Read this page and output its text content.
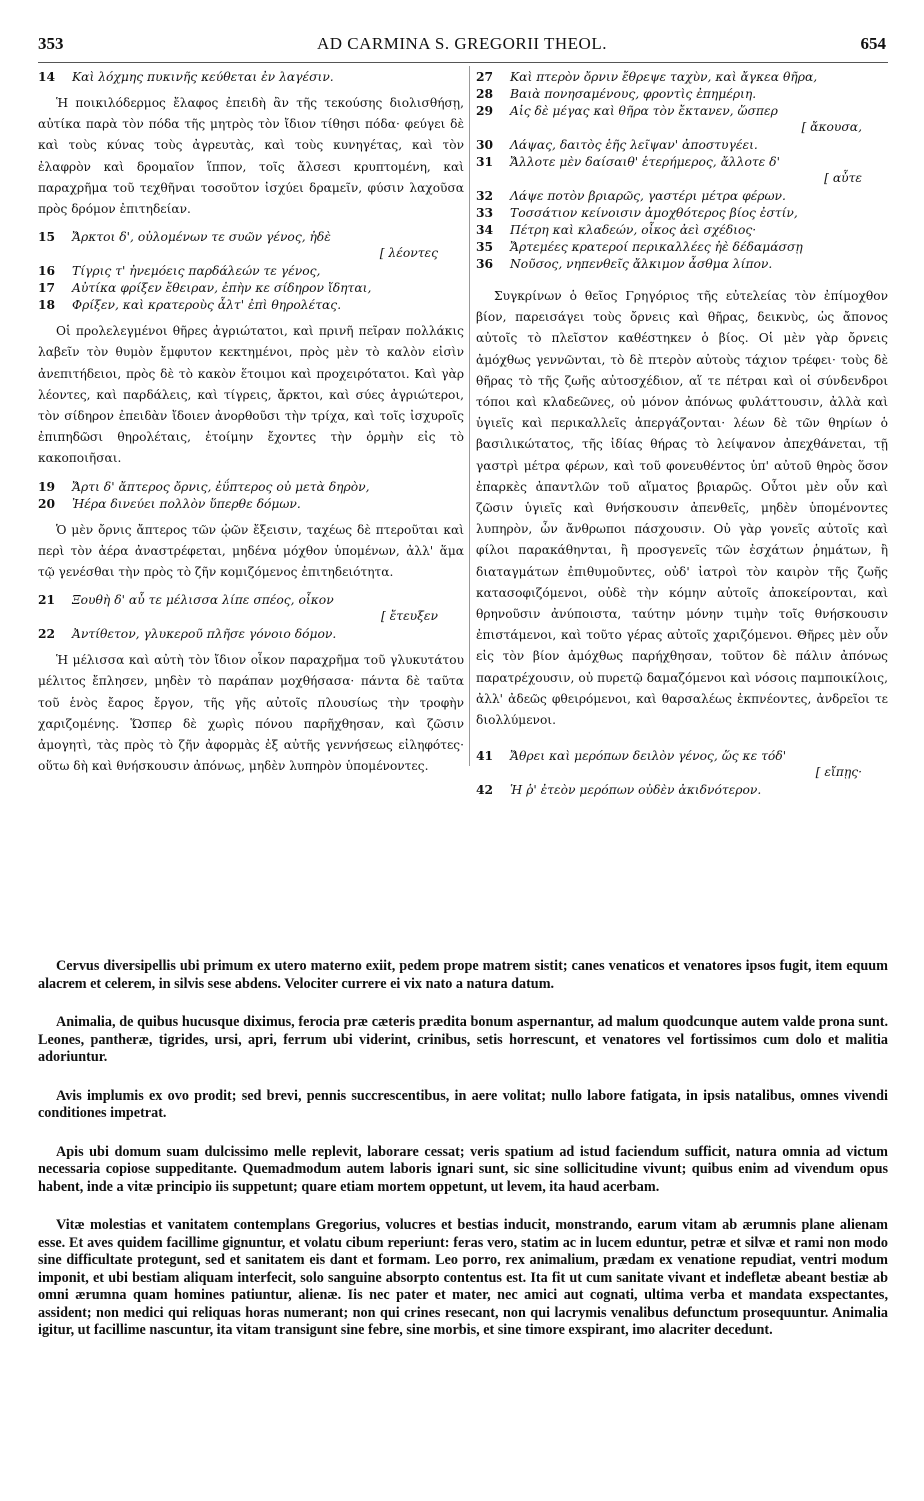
353	AD CARMINA S. GREGORII THEOL.	654
14 Καὶ λόχμης πυκινῆς κεύθεται ἐν λαγέσιν.
Ἡ ποικιλόδερμος ἔλαφος ἐπειδὴ ἂν τῆς τεκούσης διολισθήσῃ, αὐτίκα παρὰ τὸν πόδα τῆς μητρὸς τὸν ἴδιον τίθησι πόδα· φεύγει δὲ καὶ τοὺς κύνας τοὺς ἀγρευτὰς, καὶ τοὺς κυνηγέτας, καὶ τὸν ἐλαφρὸν καὶ δρομαῖον ἵππον, τοῖς ἄλσεσι κρυπτομένη, καὶ παραχρῆμα τοῦ τεχθῆναι τοσοῦτον ἰσχύει δραμεῖν, φύσιν λαχοῦσα πρὸς δρόμον ἐπιτηδείαν.
15 Ἄρκτοι δ', οὐλομένων τε συῶν γένος, ἠδὲ
[ λέοντες
16 Τίγρις τ' ἠνεμόεις παρδάλεών τε γένος,
17 Αὐτίκα φρίξεν ἔθειραν, ἐπὴν κε σίδηρον ἴδηται,
18 Φρίξεν, καὶ κρατεροὺς ἆλτ' ἐπὶ θηρολέτας.
Οἱ προλελεγμένοι θῆρες ἀγριώτατοι, καὶ πρινῆ πεῖραν πολλάκις λαβεῖν τὸν θυμὸν ἔμφυτον κεκτημένοι, πρὸς μὲν τὸ καλὸν εἰσὶν ἀνεπιτήδειοι, πρὸς δὲ τὸ κακὸν ἕτοιμοι καὶ προχειρότατοι. Καὶ γὰρ λέοντες, καὶ παρδάλεις, καὶ τίγρεις, ἄρκτοι, καὶ σύες ἀγριώτεροι, τὸν σίδηρον ἐπειδὰν ἴδοιεν ἀνορθοῦσι τὴν τρίχα, καὶ τοῖς ἰσχυροῖς ἐπιπηδῶσι θηρολέταις, ἑτοίμην ἔχοντες τὴν ὁρμὴν εἰς τὸ κακοποιῆσαι.
19 Ἄρτι δ' ἄπτερος ὄρνις, ἐΰπτερος οὐ μετὰ δηρὸν,
20 Ἠέρα δινεύει πολλὸν ὕπερθε δόμων.
Ὁ μὲν ὄρνις ἄπτερος τῶν ᾠῶν ἔξεισιν, ταχέως δὲ πτεροῦται καὶ περὶ τὸν ἀέρα ἀναστρέφεται, μηδένα μόχθον ὑπομένων, ἀλλ' ἅμα τῷ γενέσθαι τὴν πρὸς τὸ ζῆν κομιζόμενος ἐπιτηδειότητα.
21 Ξουθὴ δ' αὖ τε μέλισσα λίπε σπέος, οἶκον
[ ἔτευξεν
22 Ἀντίθετον, γλυκεροῦ πλῆσε γόνοιο δόμον.
Ἡ μέλισσα καὶ αὐτὴ τὸν ἴδιον οἶκον παραχρῆμα τοῦ γλυκυτάτου μέλιτος ἔπλησεν, μηδὲν τὸ παράπαν μοχθήσασα· πάντα δὲ ταῦτα τοῦ ἑνὸς ἔαρος ἔργον, τῆς γῆς αὐτοῖς πλουσίως τὴν τροφὴν χαριζομένης. Ὥσπερ δὲ χωρὶς πόνου παρῆχθησαν, καὶ ζῶσιν ἀμογητὶ, τὰς πρὸς τὸ ζῆν ἀφορμὰς ἐξ αὐτῆς γεννήσεως εἰληφότες· οὕτω δὴ καὶ θνήσκουσιν ἀπόνως, μηδὲν λυπηρὸν ὑπομένοντες.
27 Καὶ πτερὸν ὄρνιν ἔθρεψε ταχὺν, καὶ ἄγκεα θῆρα,
28 Βαιὰ πονησαμένους, φροντὶς ἐπημέριη.
29 Αἱς δὲ μέγας καὶ θῆρα τὸν ἔκτανεν, ὥσπερ
[ ἄκουσα,
30 Λάψας, δαιτὸς ἑῆς λεῖψαν' ἀποστυγέει.
31 Ἄλλοτε μὲν δαίσαιθ' ἑτερήμερος, ἄλλοτε δ'
[ αὖτε
32 Λάψε ποτὸν βριαρῶς, γαστέρι μέτρα φέρων.
33 Τοσσάτιον κείνοισιν ἀμοχθότερος βίος ἐστίν,
34 Πέτρη καὶ κλαδεών, οἶκος ἀεὶ σχέδιος·
35 Ἄρτεμέες κρατεροί περικαλλέες ἠὲ δέδαμάσσῃ
36 Νοῦσος, νηπενθεῖς ἄλκιμον ἆσθμα λίπον.
Συγκρίνων ὁ θεῖος Γρηγόριος τῆς εὐτελείας τὸν ἐπίμοχθον βίον, παρεισάγει τοὺς ὄρνεις καὶ θῆρας, δεικνὺς, ὡς ἄπονος αὐτοῖς τὸ πλεῖστον καθέστηκεν ὁ βίος. Οἱ μὲν γὰρ ὄρνεις ἀμόχθως γεννῶνται, τὸ δὲ πτερὸν αὐτοὺς τάχιον τρέφει· τοὺς δὲ θῆρας τὸ τῆς ζωῆς αὐτοσχέδιον, αἵ τε πέτραι καὶ οἱ σύνδενδροι τόποι καὶ κλαδεῶνες, οὐ μόνον ἀπόνως φυλάττουσιν, ἀλλὰ καὶ ὑγιεῖς καὶ περικαλλεῖς ἀπεργάζονται· λέων δὲ τῶν θηρίων ὁ βασιλικώτατος, τῆς ἰδίας θήρας τὸ λείψανον ἀπεχθάνεται, τῇ γαστρὶ μέτρα φέρων, καὶ τοῦ φονευθέντος ὑπ' αὐτοῦ θηρὸς ὅσον ἐπαρκὲς ἀπαντλῶν τοῦ αἵματος βριαρῶς. Οὗτοι μὲν οὖν καὶ ζῶσιν ὑγιεῖς καὶ θνήσκουσιν ἀπενθεῖς, μηδὲν ὑπομένοντες λυπηρὸν, ὧν ἄνθρωποι πάσχουσιν. Οὐ γὰρ γονεῖς αὐτοῖς καὶ φίλοι παρακάθηνται, ἢ προσγενεῖς τῶν ἐσχάτων ῥημάτων, ἢ διαταγμάτων ἐπιθυμοῦντες, οὐδ' ἰατροὶ τὸν καιρὸν τῆς ζωῆς κατασοφιζόμενοι, οὐδὲ τὴν κόμην αὐτοῖς ἀποκείρονται, καὶ θρηνοῦσιν ἀνύποιστα, ταύτην μόνην τιμὴν τοῖς θνήσκουσιν ἐπιστάμενοι, καὶ τοῦτο γέρας αὐτοῖς χαριζόμενοι. Θῆρες μὲν οὖν εἰς τὸν βίον ἀμόχθως παρήχθησαν, τοῦτον δὲ πάλιν ἀπόνως παρατρέχουσιν, οὐ πυρετῷ δαμαζόμενοι καὶ νόσοις παμποικίλοις, ἀλλ' ἀδεῶς φθειρόμενοι, καὶ θαρσαλέως ἐκπνέοντες, ἀνδρεῖοι τε διολλύμενοι.
41 Ἄθρει καὶ μερόπων δειλὸν γένος, ὥς κε τόδ'
[ εἴπῃς·
42 Ἡ ῥ' ἐτεὸν μερόπων οὐδὲν ἀκιδνότερον.

Cervus diversipellis ubi primum ex utero materno exiit, pedem prope matrem sistit; canes venaticos et venatores ipsos fugit, item equum alacrem et celerem, in silvis sese abdens. Velociter currere ei vix nato a natura datum.

Animalia, de quibus hucusque diximus, ferocia præ cæteris prædita bonum aspernantur, ad malum quodcunque autem valde prona sunt. Leones, pantheræ, tigrides, ursi, apri, ferrum ubi viderint, crinibus, setis horrescunt, et venatores vel fortissimos cum dolo et malitia adoriuntur.

Avis implumis ex ovo prodit; sed brevi, pennis succrescentibus, in aere volitat; nullo labore fatigata, in ipsis natalibus, omnes vivendi conditiones impetrat.

Apis ubi domum suam dulcissimo melle replevit, laborare cessat; veris spatium ad istud faciendum sufficit, natura omnia ad victum necessaria copiose suppeditante. Quemadmodum autem laboris ignari sunt, sic sine sollicitudine vivunt; quibus enim ad vivendum opus habent, inde a vitæ principio iis suppetunt; quare etiam mortem oppetunt, ut levem, ita haud acerbam.

Vitæ molestias et vanitatem contemplans Gregorius, volucres et bestias inducit, monstrando, earum vitam ab ærumnis plane alienam esse. Et aves quidem facillime gignuntur, et volatu cibum reperiunt: feras vero, statim ac in lucem eduntur, petræ et silvæ et rami non modo sine difficultate protegunt, sed et sanitatem eis dant et formam. Leo porro, rex animalium, prædam ex venatione repudiat, ventri modum imponit, et ubi bestiam aliquam interfecit, solo sanguine absorpto contentus est. Ita fit ut cum sanitate vivant et indefletæ abeant bestiæ ab omni ærumna quam homines patiuntur, alienæ. Iis nec pater et mater, nec amici aut cognati, ultima verba et mandata exspectantes, assident; non medici qui reliquas horas numerant; non qui crines resecant, non qui lacrymis venalibus defunctum prosequuntur. Animalia igitur, ut facillime nascuntur, ita vitam transigunt sine febre, sine morbis, et sine timore exspirant, imo alacriter decedunt.
